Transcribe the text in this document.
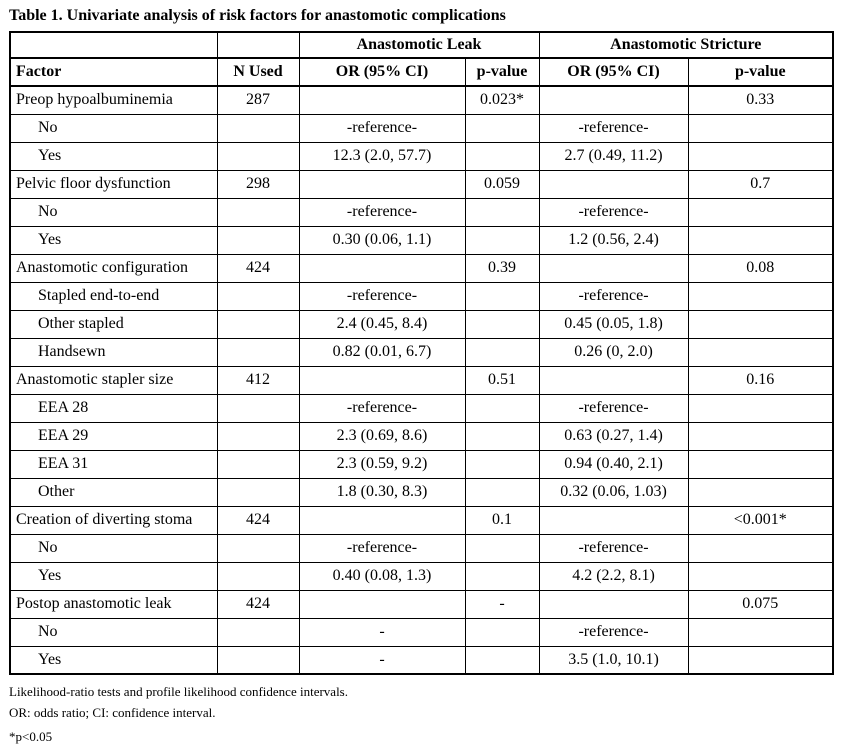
Table 1. Univariate analysis of risk factors for anastomotic complications
		Anastomotic Leak		Anastomotic Stricture	
Factor	N Used	OR (95% CI)	p-value	OR (95% CI)	p-value
Preop hypoalbuminemia	287		0.023*		0.33
No		-reference-		-reference-	
Yes		12.3 (2.0, 57.7)		2.7 (0.49, 11.2)	
Pelvic floor dysfunction	298		0.059		0.7
No		-reference-		-reference-	
Yes		0.30 (0.06, 1.1)		1.2 (0.56, 2.4)	
Anastomotic configuration	424		0.39		0.08
Stapled end-to-end		-reference-		-reference-	
Other stapled		2.4 (0.45, 8.4)		0.45 (0.05, 1.8)	
Handsewn		0.82 (0.01, 6.7)		0.26 (0, 2.0)	
Anastomotic stapler size	412		0.51		0.16
EEA 28		-reference-		-reference-	
EEA 29		2.3 (0.69, 8.6)		0.63 (0.27, 1.4)	
EEA 31		2.3 (0.59, 9.2)		0.94 (0.40, 2.1)	
Other		1.8 (0.30, 8.3)		0.32 (0.06, 1.03)	
Creation of diverting stoma	424		0.1		<0.001*
No		-reference-		-reference-	
Yes		0.40 (0.08, 1.3)		4.2 (2.2, 8.1)	
Postop anastomotic leak	424		-		0.075
No		-		-reference-	
Yes		-		3.5 (1.0, 10.1)	
Likelihood-ratio tests and profile likelihood confidence intervals.
OR: odds ratio; CI: confidence interval.
*p<0.05
